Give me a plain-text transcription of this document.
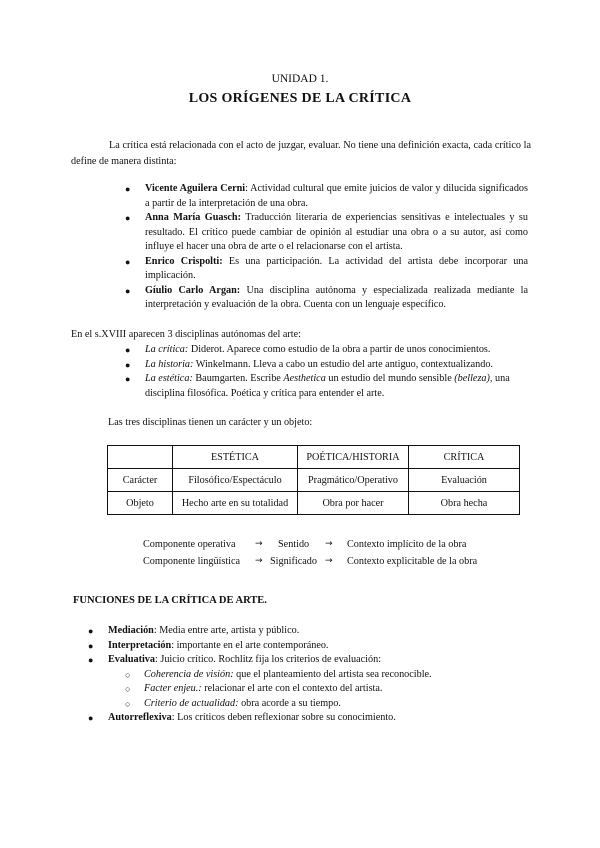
UNIDAD 1.
LOS ORÍGENES DE LA CRÍTICA
La crítica está relacionada con el acto de juzgar, evaluar. No tiene una definición exacta, cada crítico la define de manera distinta:
● Vicente Aguilera Cerni: Actividad cultural que emite juicios de valor y dilucida significados a partir de la interpretación de una obra.
● Anna María Guasch: Traducción literaria de experiencias sensitivas e intelectuales y su resultado. El crítico puede cambiar de opinión al estudiar una obra o a su autor, así como influye el hacer una obra de arte o el relacionarse con el artista.
● Enrico Crispolti: Es una participación. La actividad del artista debe incorporar una implicación.
● Gíulio Carlo Argan: Una disciplina autónoma y especializada realizada mediante la interpretación y evaluación de la obra. Cuenta con un lenguaje específico.
En el s.XVIII aparecen 3 disciplinas autónomas del arte:
● La crítica: Diderot. Aparece como estudio de la obra a partir de unos conocimientos.
● La historia: Winkelmann. Lleva a cabo un estudio del arte antiguo, contextualizando.
● La estética: Baumgarten. Escribe Aesthetica un estudio del mundo sensible (belleza), una disciplina filosófica. Poética y crítica para entender el arte.
Las tres disciplinas tienen un carácter y un objeto:
	ESTÉTICA	POÉTICA/HISTORIA	CRÍTICA
Carácter	Filosófico/Espectáculo	Pragmático/Operativo	Evaluación
Objeto	Hecho arte en su totalidad	Obra por hacer	Obra hecha
Componente operativa → Sentido → Contexto implícito de la obra
Componente lingüística → Significado → Contexto explicitable de la obra
FUNCIONES DE LA CRÍTICA DE ARTE.
● Mediación: Media entre arte, artista y público.
● Interpretación: importante en el arte contemporáneo.
● Evaluativa: Juicio crítico. Rochlitz fija los criterios de evaluación:
○ Coherencia de visión: que el planteamiento del artista sea reconocible.
○ Facter enjeu.: relacionar el arte con el contexto del artista.
○ Criterio de actualidad: obra acorde a su tiempo.
● Autorreflexiva: Los críticos deben reflexionar sobre su conocimiento.
